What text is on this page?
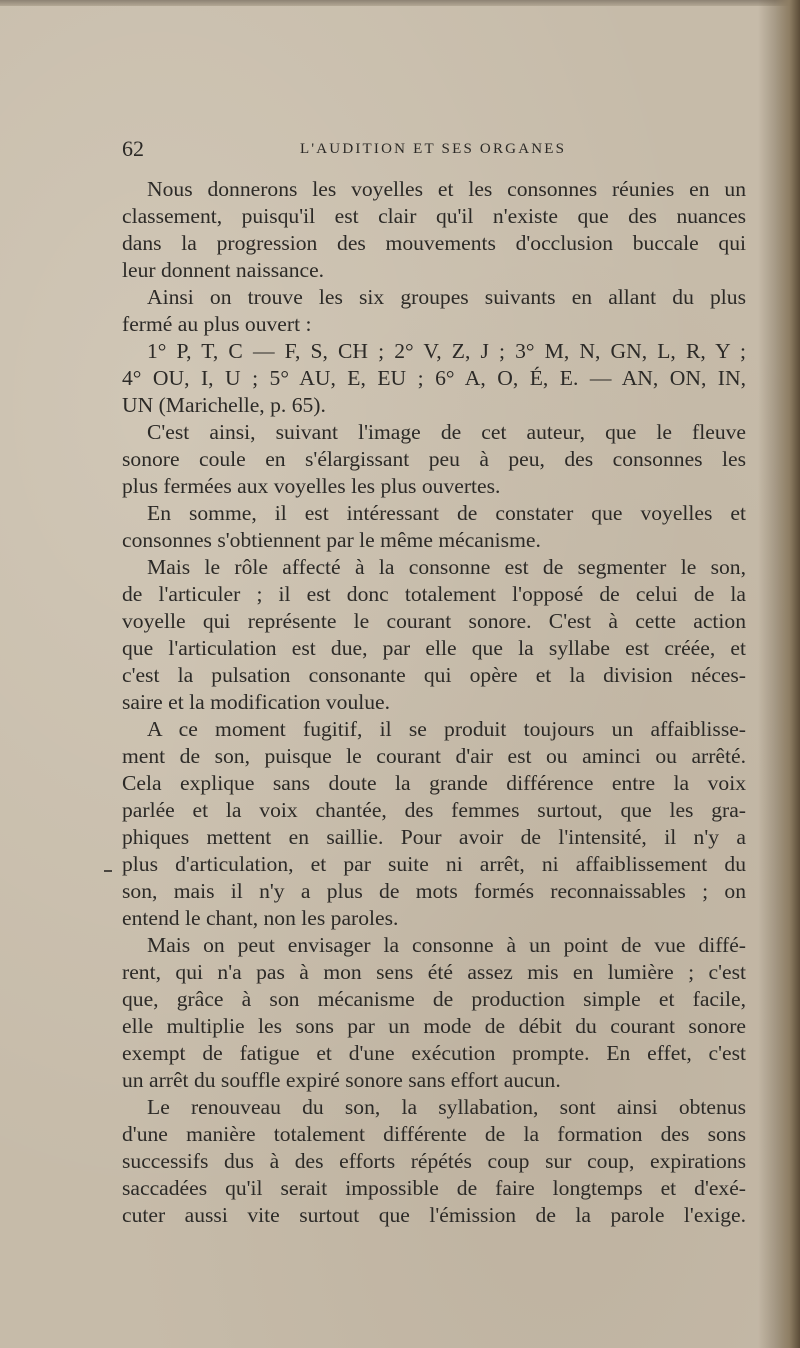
62	L'AUDITION ET SES ORGANES
Nous donnerons les voyelles et les consonnes réunies en un
classement, puisqu'il est clair qu'il n'existe que des nuances
dans la progression des mouvements d'occlusion buccale qui
leur donnent naissance.
Ainsi on trouve les six groupes suivants en allant du plus
fermé au plus ouvert :
1° P, T, C — F, S, CH ; 2° V, Z, J ; 3° M, N, GN, L, R, Y ;
4° OU, I, U ; 5° AU, E, EU ; 6° A, O, É, E. — AN, ON, IN,
UN (Marichelle, p. 65).
C'est ainsi, suivant l'image de cet auteur, que le fleuve
sonore coule en s'élargissant peu à peu, des consonnes les
plus fermées aux voyelles les plus ouvertes.
En somme, il est intéressant de constater que voyelles et
consonnes s'obtiennent par le même mécanisme.
Mais le rôle affecté à la consonne est de segmenter le son,
de l'articuler ; il est donc totalement l'opposé de celui de la
voyelle qui représente le courant sonore. C'est à cette action
que l'articulation est due, par elle que la syllabe est créée, et
c'est la pulsation consonante qui opère et la division néces-
saire et la modification voulue.
A ce moment fugitif, il se produit toujours un affaiblisse-
ment de son, puisque le courant d'air est ou aminci ou arrêté.
Cela explique sans doute la grande différence entre la voix
parlée et la voix chantée, des femmes surtout, que les gra-
phiques mettent en saillie. Pour avoir de l'intensité, il n'y a
plus d'articulation, et par suite ni arrêt, ni affaiblissement du
son, mais il n'y a plus de mots formés reconnaissables ; on
entend le chant, non les paroles.
Mais on peut envisager la consonne à un point de vue diffé-
rent, qui n'a pas à mon sens été assez mis en lumière ; c'est
que, grâce à son mécanisme de production simple et facile,
elle multiplie les sons par un mode de débit du courant sonore
exempt de fatigue et d'une exécution prompte. En effet, c'est
un arrêt du souffle expiré sonore sans effort aucun.
Le renouveau du son, la syllabation, sont ainsi obtenus
d'une manière totalement différente de la formation des sons
successifs dus à des efforts répétés coup sur coup, expirations
saccadées qu'il serait impossible de faire longtemps et d'exé-
cuter aussi vite surtout que l'émission de la parole l'exige.
